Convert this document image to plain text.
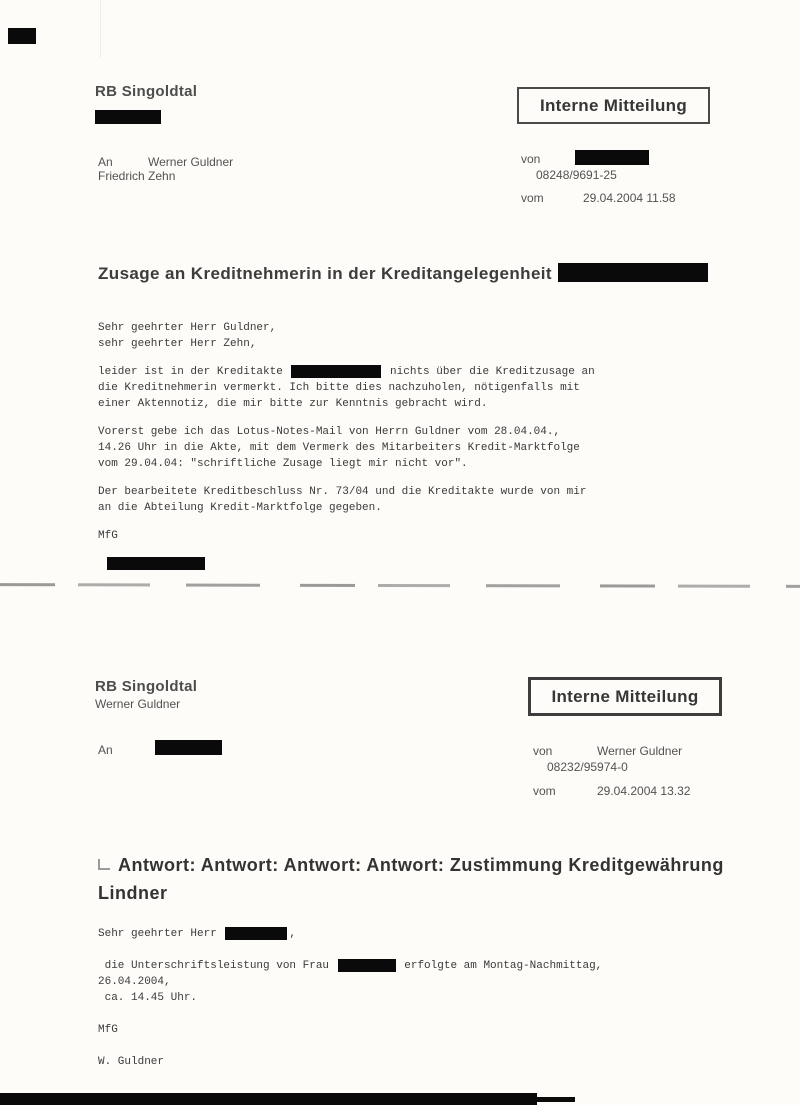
RB Singoldtal
An	Werner Guldner
Friedrich Zehn
Interne Mitteilung
von
08248/9691-25
vom	29.04.2004 11.58
Zusage an Kreditnehmerin in der Kreditangelegenheit
Sehr geehrter Herr Guldner,
sehr geehrter Herr Zehn,
leider ist in der Kreditakte	nichts über die Kreditzusage an
die Kreditnehmerin vermerkt. Ich bitte dies nachzuholen, nötigenfalls mit
einer Aktennotiz, die mir bitte zur Kenntnis gebracht wird.
Vorerst gebe ich das Lotus-Notes-Mail von Herrn Guldner vom 28.04.04.,
14.26 Uhr in die Akte, mit dem Vermerk des Mitarbeiters Kredit-Marktfolge
vom 29.04.04: "schriftliche Zusage liegt mir nicht vor".
Der bearbeitete Kreditbeschluss Nr. 73/04 und die Kreditakte wurde von mir
an die Abteilung Kredit-Marktfolge gegeben.
MfG

RB Singoldtal
Werner Guldner
An
Interne Mitteilung
von	Werner Guldner
08232/95974-0
vom	29.04.2004 13.32
Antwort: Antwort: Antwort: Antwort: Zustimmung Kreditgewährung
Lindner
Sehr geehrter Herr	,
die Unterschriftsleistung von Frau	erfolgte am Montag-Nachmittag,
26.04.2004,
ca. 14.45 Uhr.
MfG
W. Guldner
